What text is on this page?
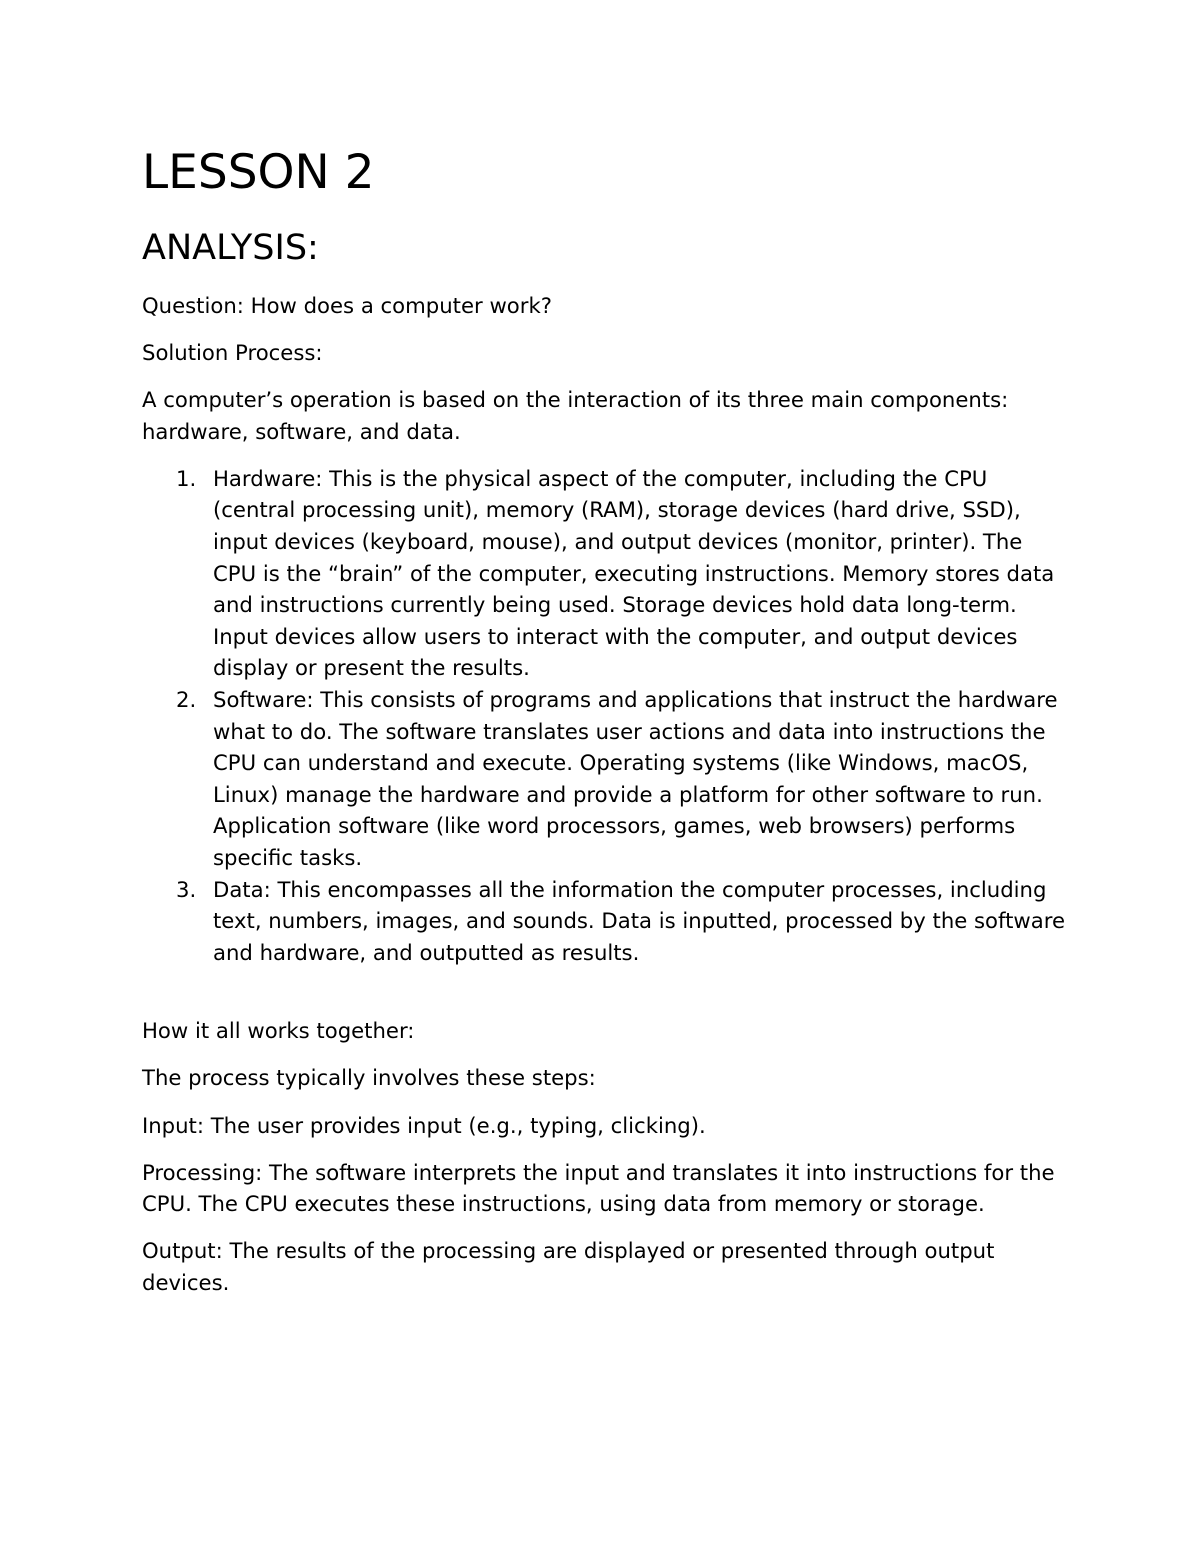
LESSON 2
ANALYSIS:

Question: How does a computer work?

Solution Process:

A computer’s operation is based on the interaction of its three main components: hardware, software, and data.

1. Hardware: This is the physical aspect of the computer, including the CPU (central processing unit), memory (RAM), storage devices (hard drive, SSD), input devices (keyboard, mouse), and output devices (monitor, printer). The CPU is the “brain” of the computer, executing instructions. Memory stores data and instructions currently being used. Storage devices hold data long-term. Input devices allow users to interact with the computer, and output devices display or present the results.
2. Software: This consists of programs and applications that instruct the hardware what to do. The software translates user actions and data into instructions the CPU can understand and execute. Operating systems (like Windows, macOS, Linux) manage the hardware and provide a platform for other software to run. Application software (like word processors, games, web browsers) performs specific tasks.
3. Data: This encompasses all the information the computer processes, including text, numbers, images, and sounds. Data is inputted, processed by the software and hardware, and outputted as results.

How it all works together:

The process typically involves these steps:

Input: The user provides input (e.g., typing, clicking).

Processing: The software interprets the input and translates it into instructions for the CPU. The CPU executes these instructions, using data from memory or storage.

Output: The results of the processing are displayed or presented through output devices.
